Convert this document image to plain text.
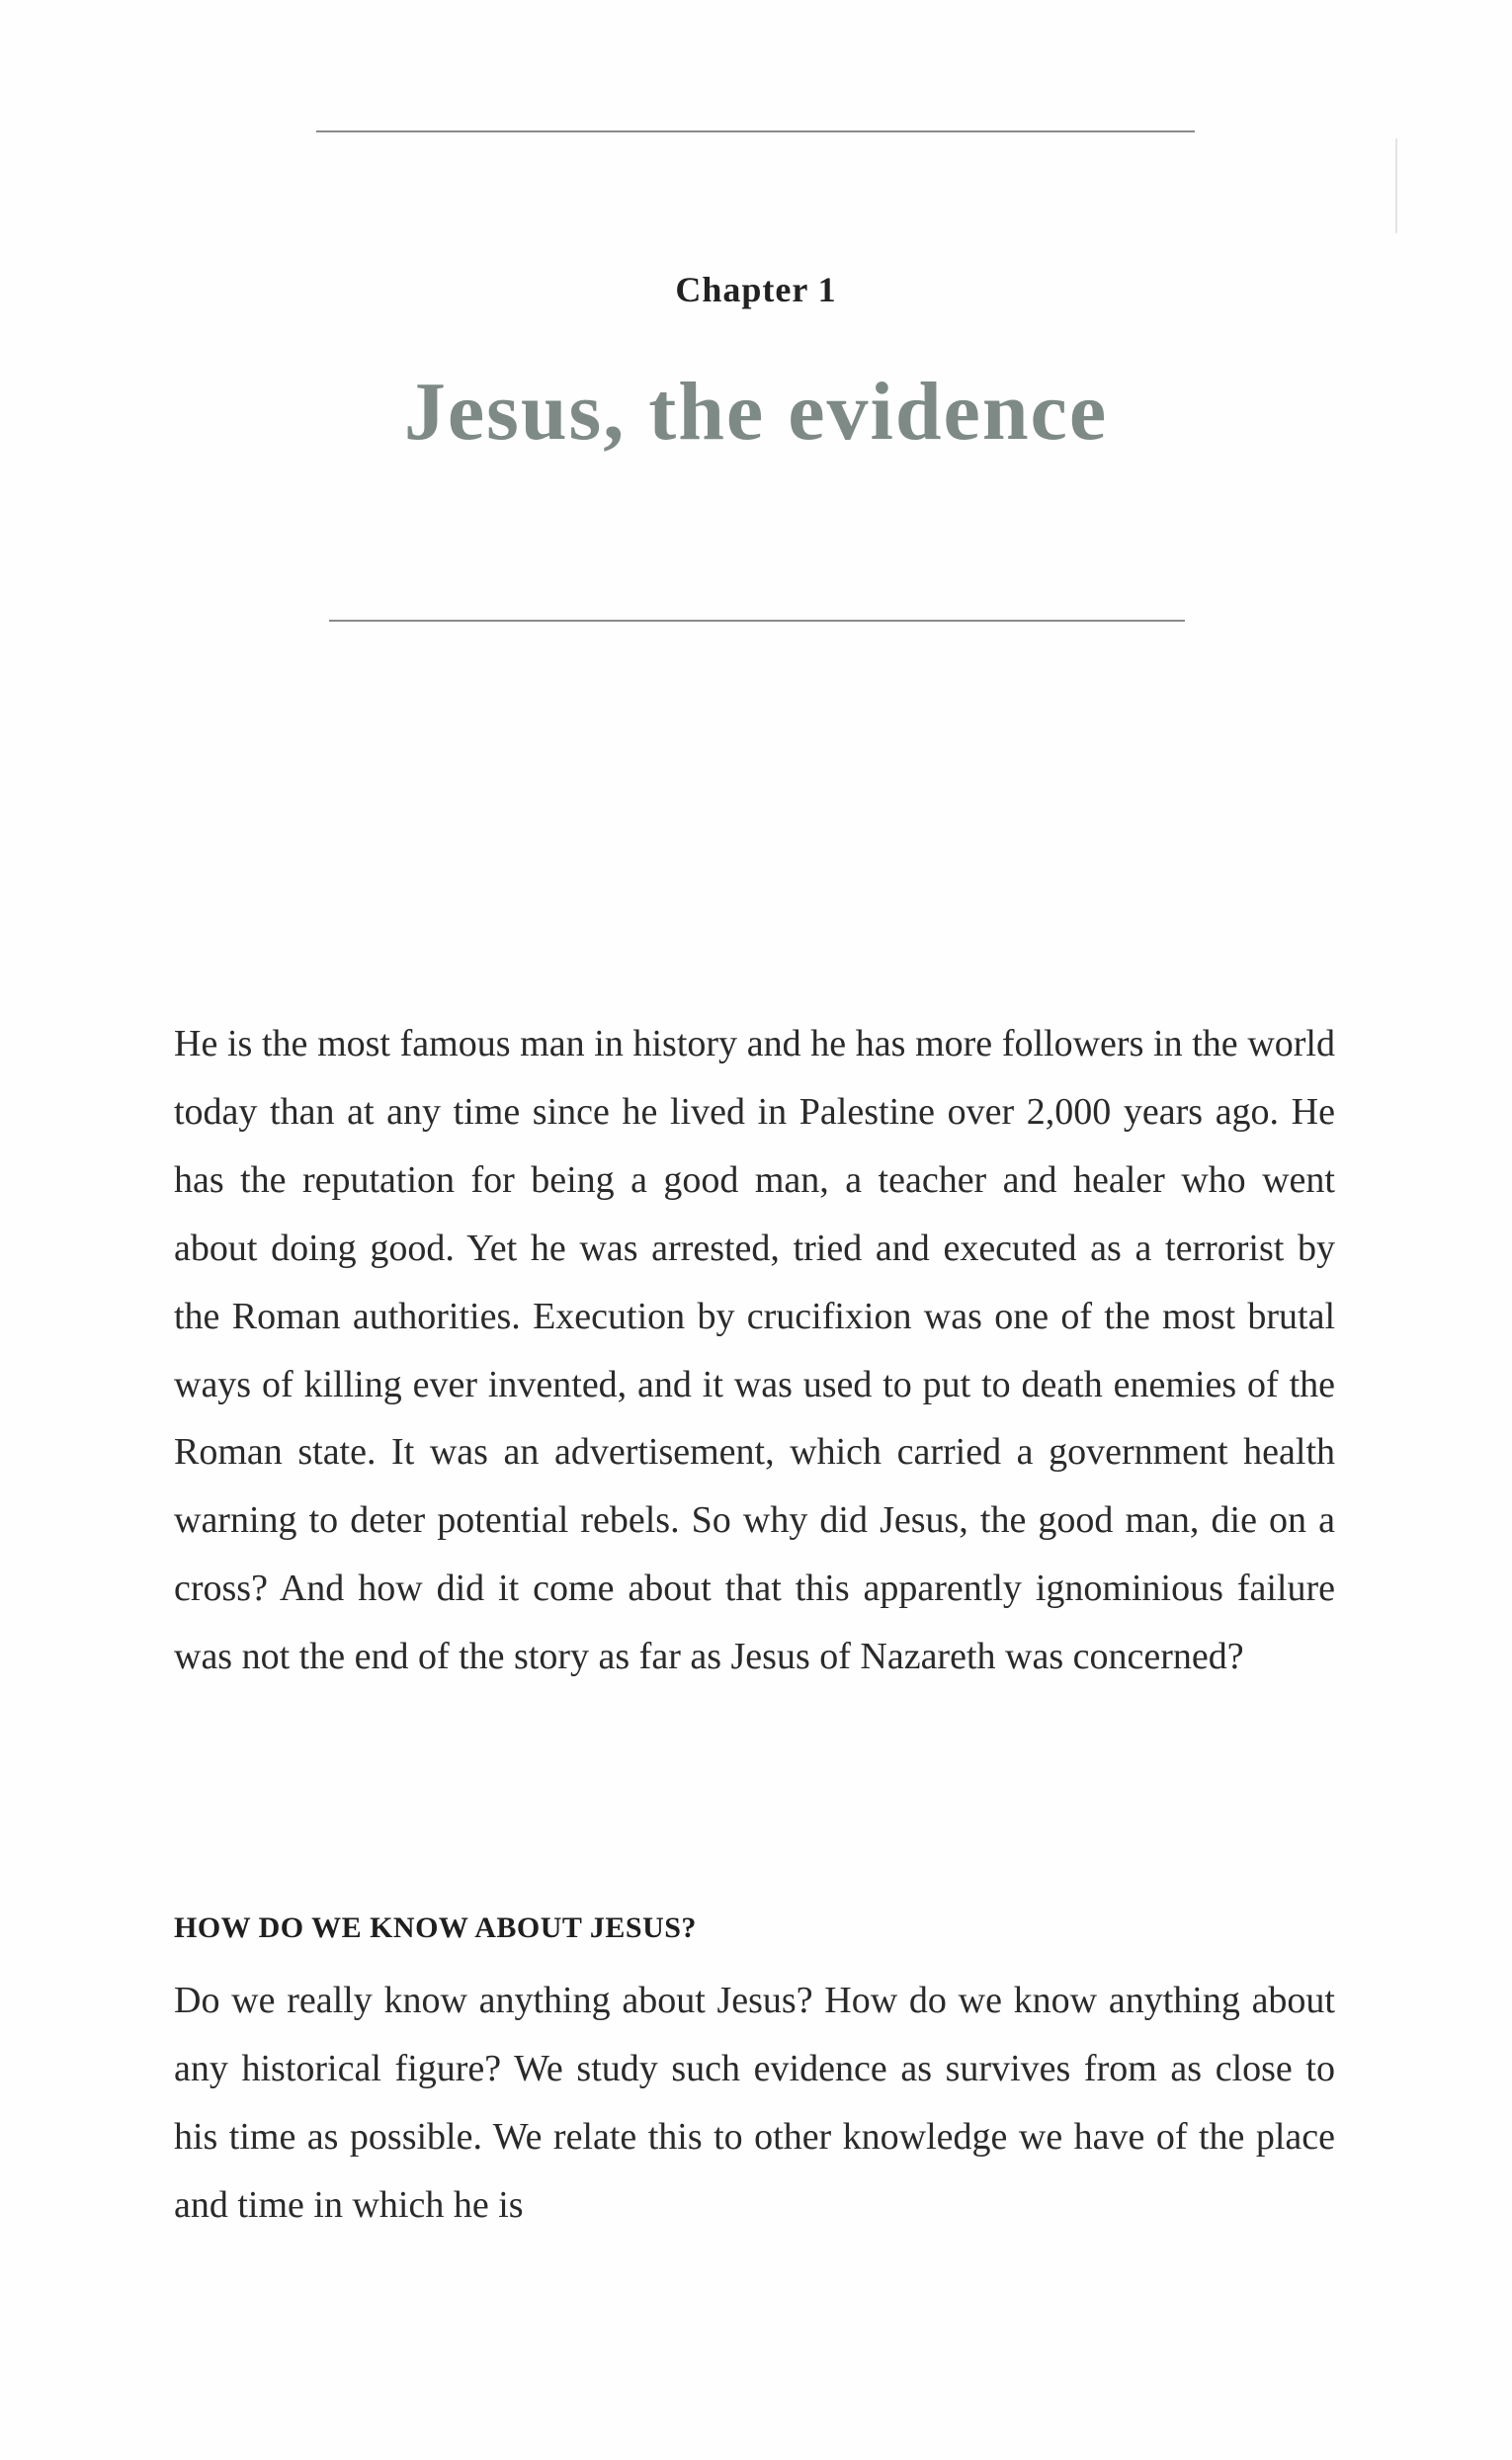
Chapter 1
Jesus, the evidence

He is the most famous man in history and he has more followers in the world today than at any time since he lived in Palestine over 2,000 years ago. He has the reputation for being a good man, a teacher and healer who went about doing good. Yet he was arrested, tried and executed as a terrorist by the Roman authorities. Execution by crucifixion was one of the most brutal ways of killing ever invented, and it was used to put to death enemies of the Roman state. It was an advertisement, which carried a government health warning to deter potential rebels. So why did Jesus, the good man, die on a cross? And how did it come about that this apparently ignominious failure was not the end of the story as far as Jesus of Nazareth was concerned?

HOW DO WE KNOW ABOUT JESUS?

Do we really know anything about Jesus? How do we know anything about any historical figure? We study such evidence as survives from as close to his time as possible. We relate this to other knowledge we have of the place and time in which he is
